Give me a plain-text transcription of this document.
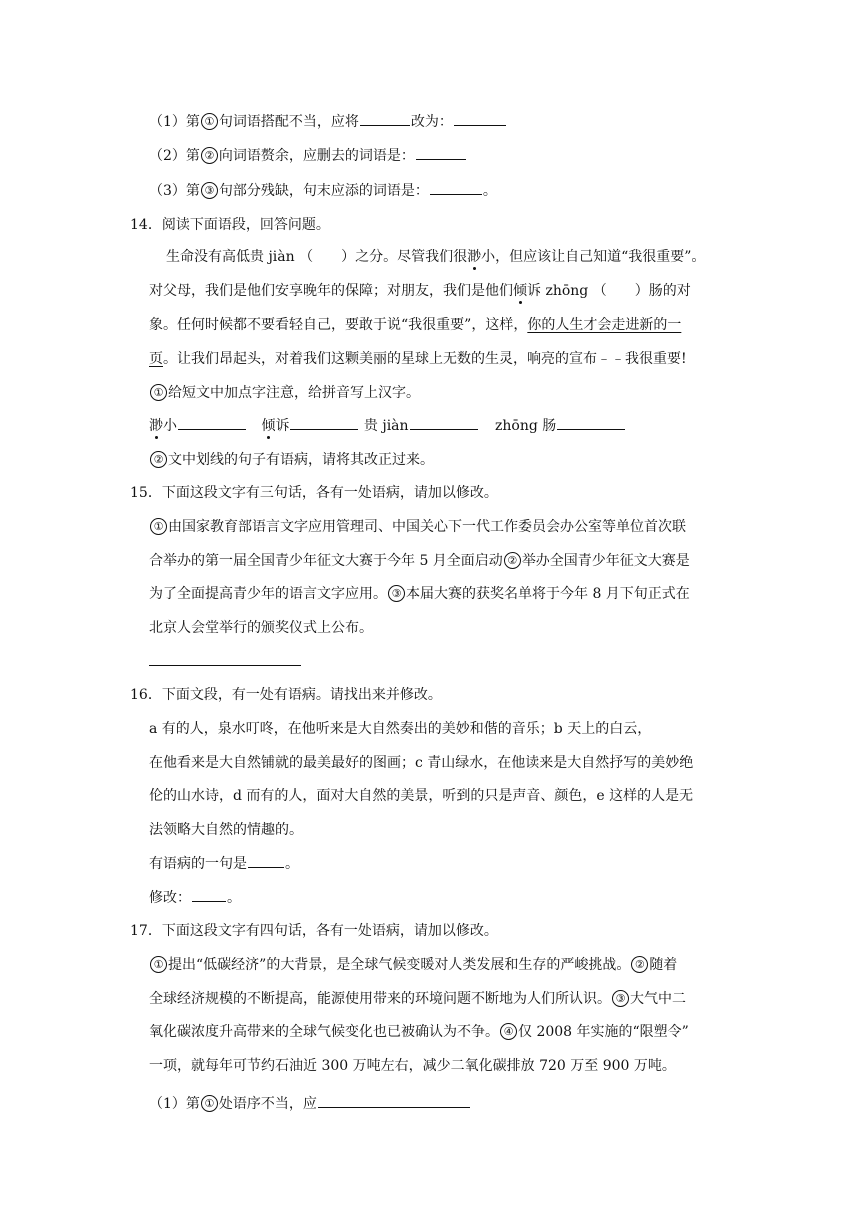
（1）第 ① 句词语搭配不当，应将	改为：
（2）第 ② 向词语赘余，应删去的词语是：
（3）第 ③ 句部分残缺，句末应添的词语是：	。
14．阅读下面语段，回答问题。
生命没有高低贵 jiàn （　　）之分。尽管我们很渺小，但应该让自己知道“我很重要”。
对父母，我们是他们安享晚年的保障；对朋友，我们是他们倾诉 zhōng （　　）肠的对
象。任何时候都不要看轻自己，要敢于说“我很重要”，这样，你的人生才会走进新的一
页。让我们昂起头，对着我们这颗美丽的星球上无数的生灵，响亮的宣布﹣﹣我很重要!
① 给短文中加点字注意，给拼音写上汉字。
渺小	倾诉	贵 jiàn	zhōng 肠
② 文中划线的句子有语病，请将其改正过来。
15．下面这段文字有三句话，各有一处语病，请加以修改。
① 由国家教育部语言文字应用管理司、中国关心下一代工作委员会办公室等单位首次联
合举办的第一届全国青少年征文大赛于今年 5 月全面启动 ② 举办全国青少年征文大赛是
为了全面提高青少年的语言文字应用。 ③ 本届大赛的获奖名单将于今年 8 月下旬正式在
北京人会堂举行的颁奖仪式上公布。
16．下面文段，有一处有语病。请找出来并修改。
a 有的人，泉水叮咚，在他听来是大自然奏出的美妙和偕的音乐；b 天上的白云，
在他看来是大自然铺就的最美最好的图画；c 青山绿水，在他读来是大自然抒写的美妙绝
伦的山水诗，d 而有的人，面对大自然的美景，听到的只是声音、颜色，e 这样的人是无
法领略大自然的情趣的。
有语病的一句是	。
修改：	。
17．下面这段文字有四句话，各有一处语病，请加以修改。
① 提出“低碳经济”的大背景，是全球气候变暖对人类发展和生存的严峻挑战。 ② 随着
全球经济规模的不断提高，能源使用带来的环境问题不断地为人们所认识。 ③ 大气中二
氧化碳浓度升高带来的全球气候变化也已被确认为不争。 ④ 仅 2008 年实施的“限塑令”
一项，就每年可节约石油近 300 万吨左右，减少二氧化碳排放 720 万至 900 万吨。
（1）第 ① 处语序不当，应
